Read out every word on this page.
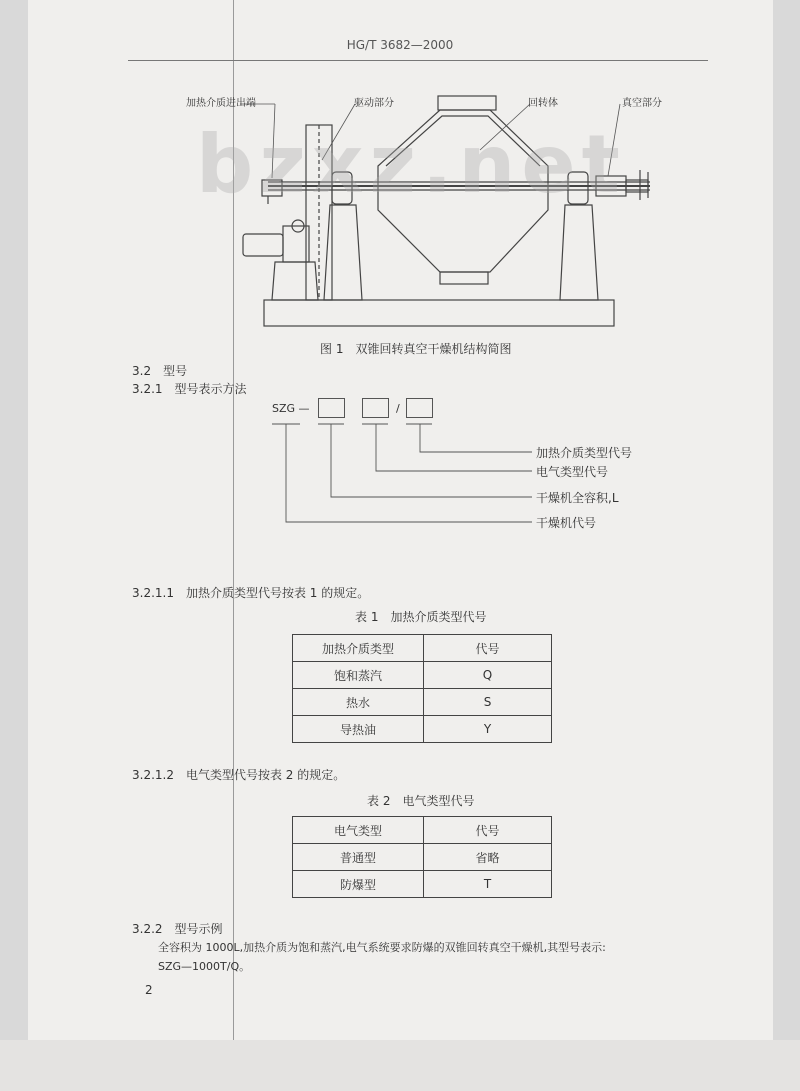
HG/T 3682—2000
bzxz.net
加热介质进出端	驱动部分	回转体	真空部分
图 1　双锥回转真空干燥机结构简图
3.2　型号
3.2.1　型号表示方法
SZG —	/
加热介质类型代号
电气类型代号
干燥机全容积,L
干燥机代号
3.2.1.1　加热介质类型代号按表 1 的规定。
表 1　加热介质类型代号
加热介质类型	代号
饱和蒸汽	Q
热水	S
导热油	Y
3.2.1.2　电气类型代号按表 2 的规定。
表 2　电气类型代号
电气类型	代号
普通型	省略
防爆型	T
3.2.2　型号示例
全容积为 1000L,加热介质为饱和蒸汽,电气系统要求防爆的双锥回转真空干燥机,其型号表示:
SZG—1000T/Q。
2
